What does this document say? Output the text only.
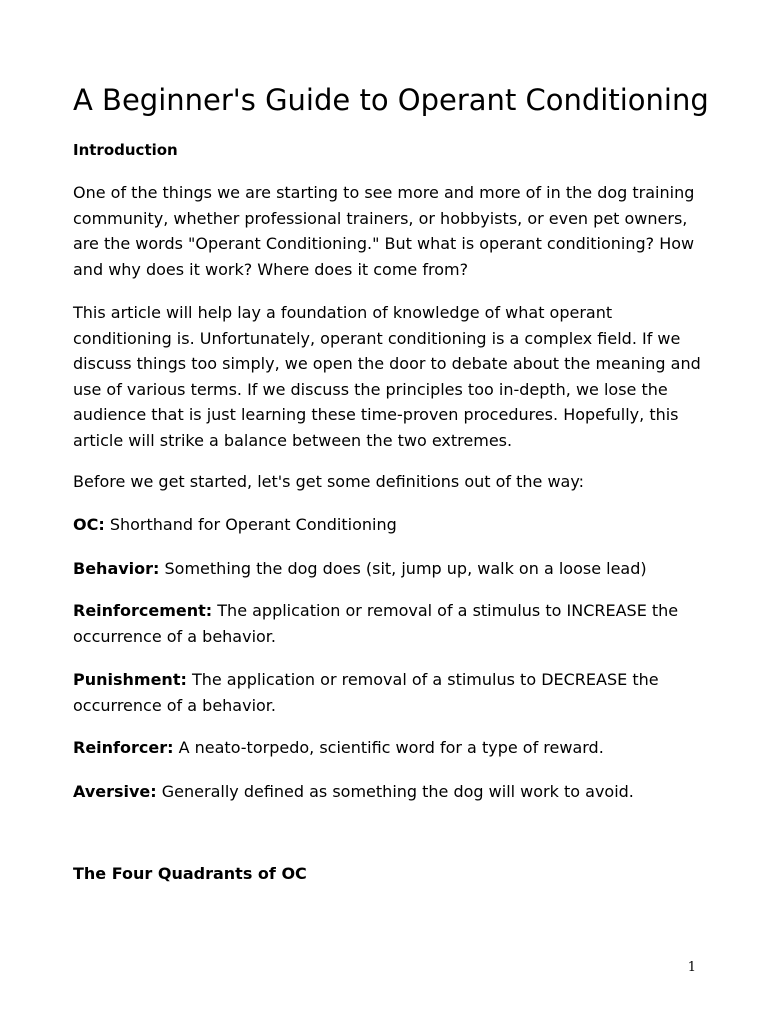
A Beginner's Guide to Operant Conditioning
Introduction

One of the things we are starting to see more and more of in the dog training community, whether professional trainers, or hobbyists, or even pet owners, are the words "Operant Conditioning." But what is operant conditioning? How and why does it work? Where does it come from?

This article will help lay a foundation of knowledge of what operant conditioning is. Unfortunately, operant conditioning is a complex field. If we discuss things too simply, we open the door to debate about the meaning and use of various terms. If we discuss the principles too in-depth, we lose the audience that is just learning these time-proven procedures. Hopefully, this article will strike a balance between the two extremes.

Before we get started, let's get some definitions out of the way:

OC: Shorthand for Operant Conditioning

Behavior: Something the dog does (sit, jump up, walk on a loose lead)

Reinforcement: The application or removal of a stimulus to INCREASE the occurrence of a behavior.

Punishment: The application or removal of a stimulus to DECREASE the occurrence of a behavior.

Reinforcer: A neato-torpedo, scientific word for a type of reward.

Aversive: Generally defined as something the dog will work to avoid.

The Four Quadrants of OC
1
